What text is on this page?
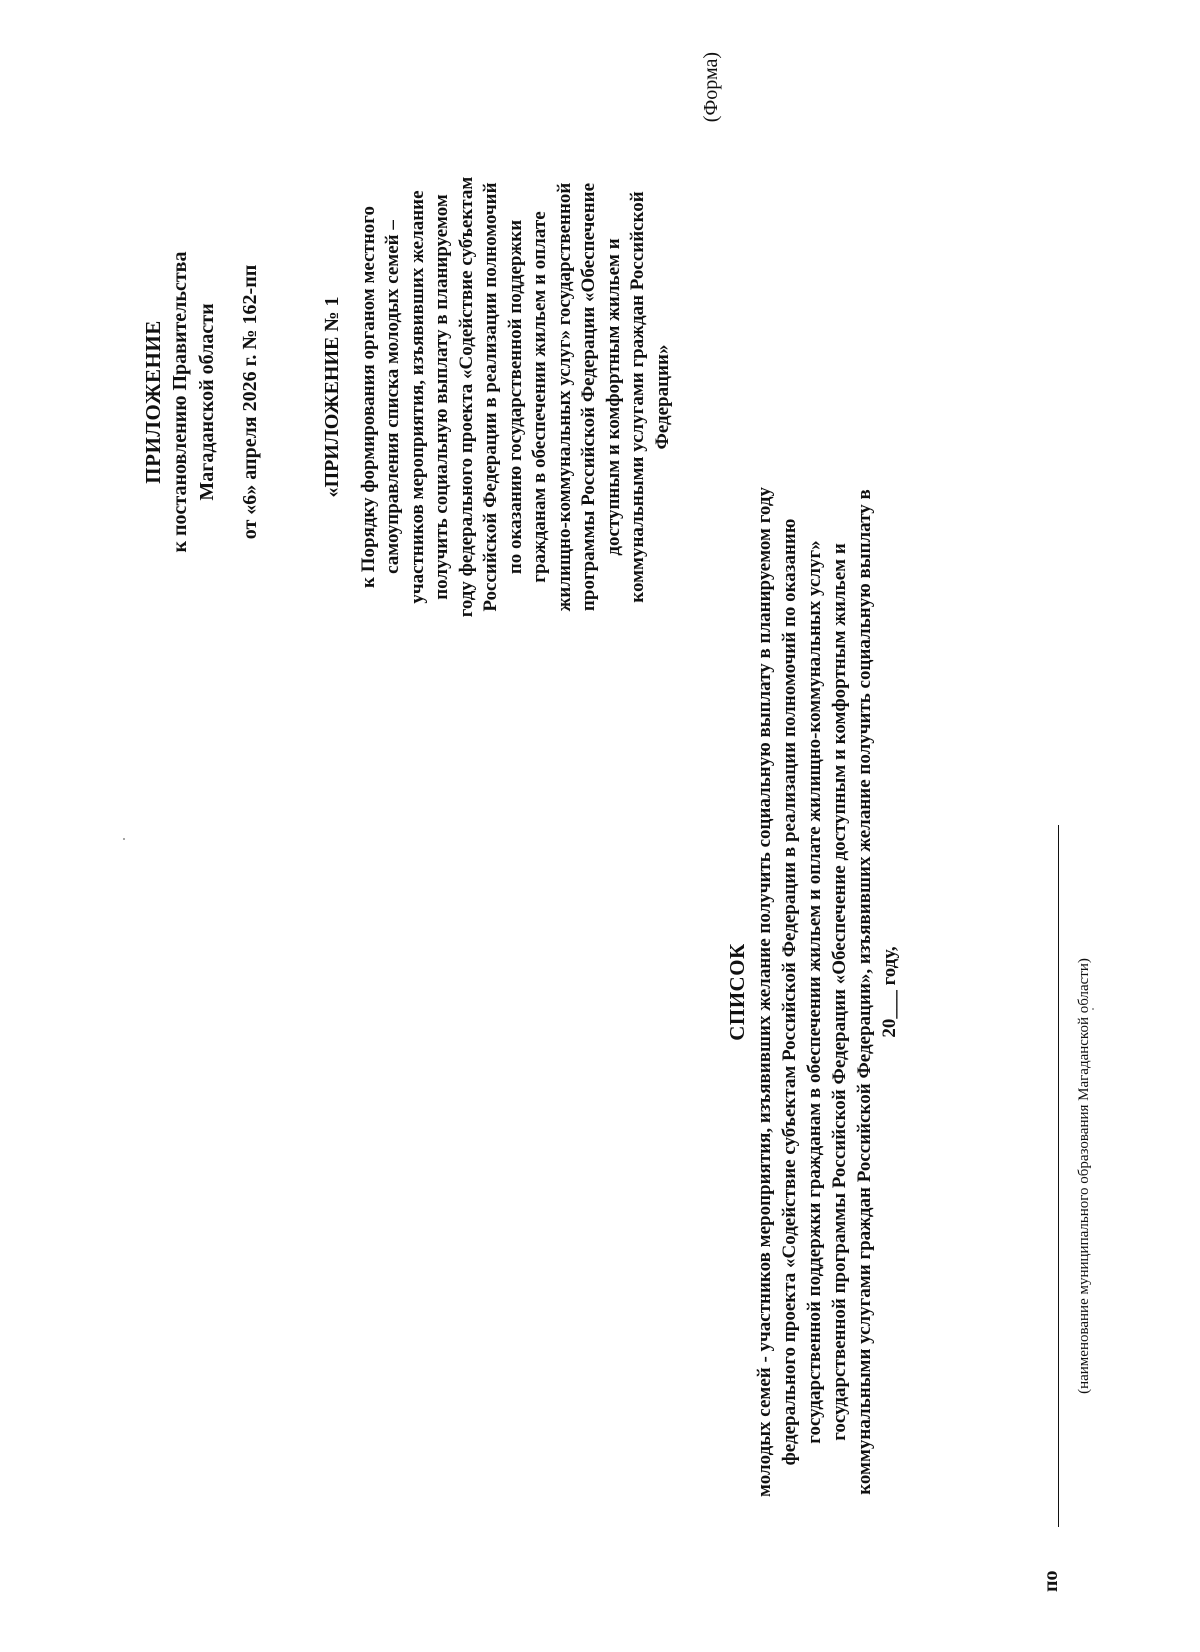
ПРИЛОЖЕНИЕ к постановлению Правительства Магаданской области от «6» апреля 2026 г. № 162-пп	«ПРИЛОЖЕНИЕ № 1 к Порядку формирования органом местного самоуправления списка молодых семей – участников мероприятия, изъявивших желание получить социальную выплату в планируемом году федерального проекта «Содействие субъектам Российской Федерации в реализации полномочий по оказанию государственной поддержки гражданам в обеспечении жильем и оплате жилищно-коммунальных услуг» государственной программы Российской Федерации «Обеспечение доступным и комфортным жильем и коммунальными услугами граждан Российской Федерации»
(Форма)
СПИСОК молодых семей - участников мероприятия, изъявивших желание получить социальную выплату в планируемом году федерального проекта «Содействие субъектам Российской Федерации в реализации полномочий по оказанию государственной поддержки гражданам в обеспечении жильем и оплате жилищно-коммунальных услуг» государственной программы Российской Федерации «Обеспечение доступным и комфортным жильем и коммунальными услугами граждан Российской Федерации», изъявивших желание получить социальную выплату в 20___ году,
по
(наименование муниципального образования Магаданской области)
